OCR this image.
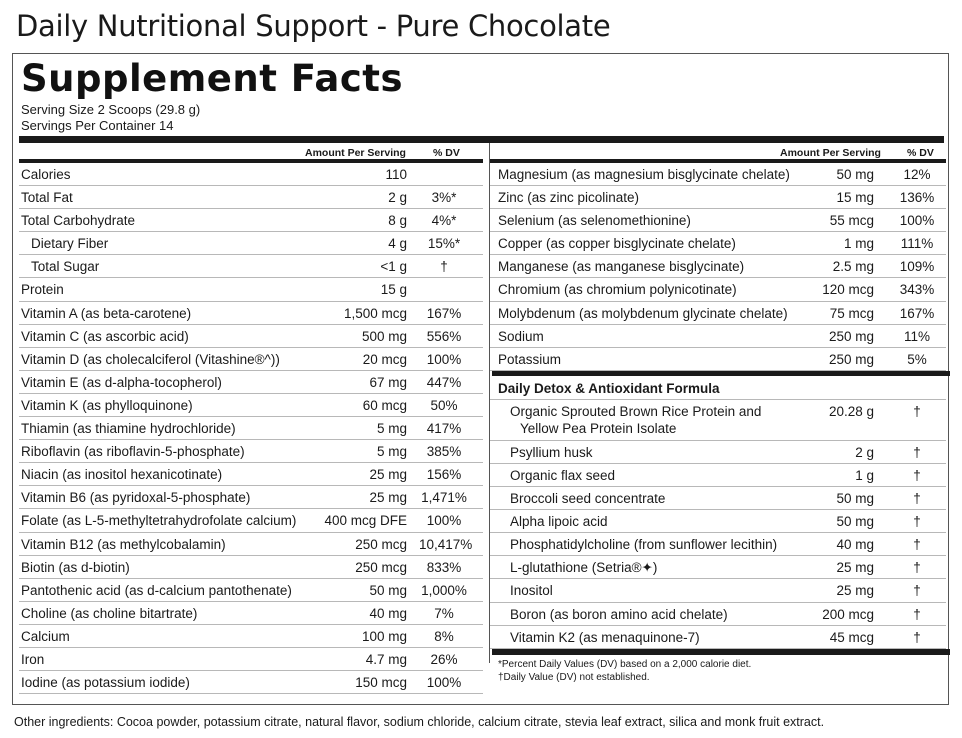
Daily Nutritional Support - Pure Chocolate
Supplement Facts
Serving Size 2 Scoops (29.8 g)
Servings Per Container 14
Amount Per Serving	% DV
Calories	110
Total Fat	2 g	3%*
Total Carbohydrate	8 g	4%*
Dietary Fiber	4 g	15%*
Total Sugar	<1 g	†
Protein	15 g
Vitamin A (as beta-carotene)	1,500 mcg	167%
Vitamin C (as ascorbic acid)	500 mg	556%
Vitamin D (as cholecalciferol (Vitashine®^))	20 mcg	100%
Vitamin E (as d-alpha-tocopherol)	67 mg	447%
Vitamin K (as phylloquinone)	60 mcg	50%
Thiamin (as thiamine hydrochloride)	5 mg	417%
Riboflavin (as riboflavin-5-phosphate)	5 mg	385%
Niacin (as inositol hexanicotinate)	25 mg	156%
Vitamin B6 (as pyridoxal-5-phosphate)	25 mg 1,471%
Folate (as L-5-methyltetrahydrofolate calcium) 400 mcg DFE	100%
Vitamin B12 (as methylcobalamin)	250 mcg 10,417%
Biotin (as d-biotin)	250 mcg	833%
Pantothenic acid (as d-calcium pantothenate)	50 mg 1,000%
Choline (as choline bitartrate)	40 mg	7%
Calcium	100 mg	8%
Iron	4.7 mg	26%
Iodine (as potassium iodide)	150 mcg	100%
Amount Per Serving % DV
Magnesium (as magnesium bisglycinate chelate)	50 mg	12%
Zinc (as zinc picolinate)	15 mg	136%
Selenium (as selenomethionine)	55 mcg	100%
Copper (as copper bisglycinate chelate)	1 mg	111%
Manganese (as manganese bisglycinate)	2.5 mg	109%
Chromium (as chromium polynicotinate)	120 mcg	343%
Molybdenum (as molybdenum glycinate chelate)	75 mcg	167%
Sodium	250 mg	11%
Potassium	250 mg	5%
Daily Detox & Antioxidant Formula
Organic Sprouted Brown Rice Protein and
Yellow Pea Protein Isolate
20.28 g	†
Psyllium husk	2 g	†
Organic flax seed	1 g	†
Broccoli seed concentrate	50 mg	†
Alpha lipoic acid	50 mg	†
Phosphatidylcholine (from sunflower lecithin)	40 mg	†
L-glutathione (Setria®✦)	25 mg	†
Inositol	25 mg	†
Boron (as boron amino acid chelate)	200 mcg	†
Vitamin K2 (as menaquinone-7)	45 mcg	†
*Percent Daily Values (DV) based on a 2,000 calorie diet.
†Daily Value (DV) not established.
Other ingredients: Cocoa powder, potassium citrate, natural flavor, sodium chloride, calcium citrate, stevia leaf extract, silica and monk fruit extract.
